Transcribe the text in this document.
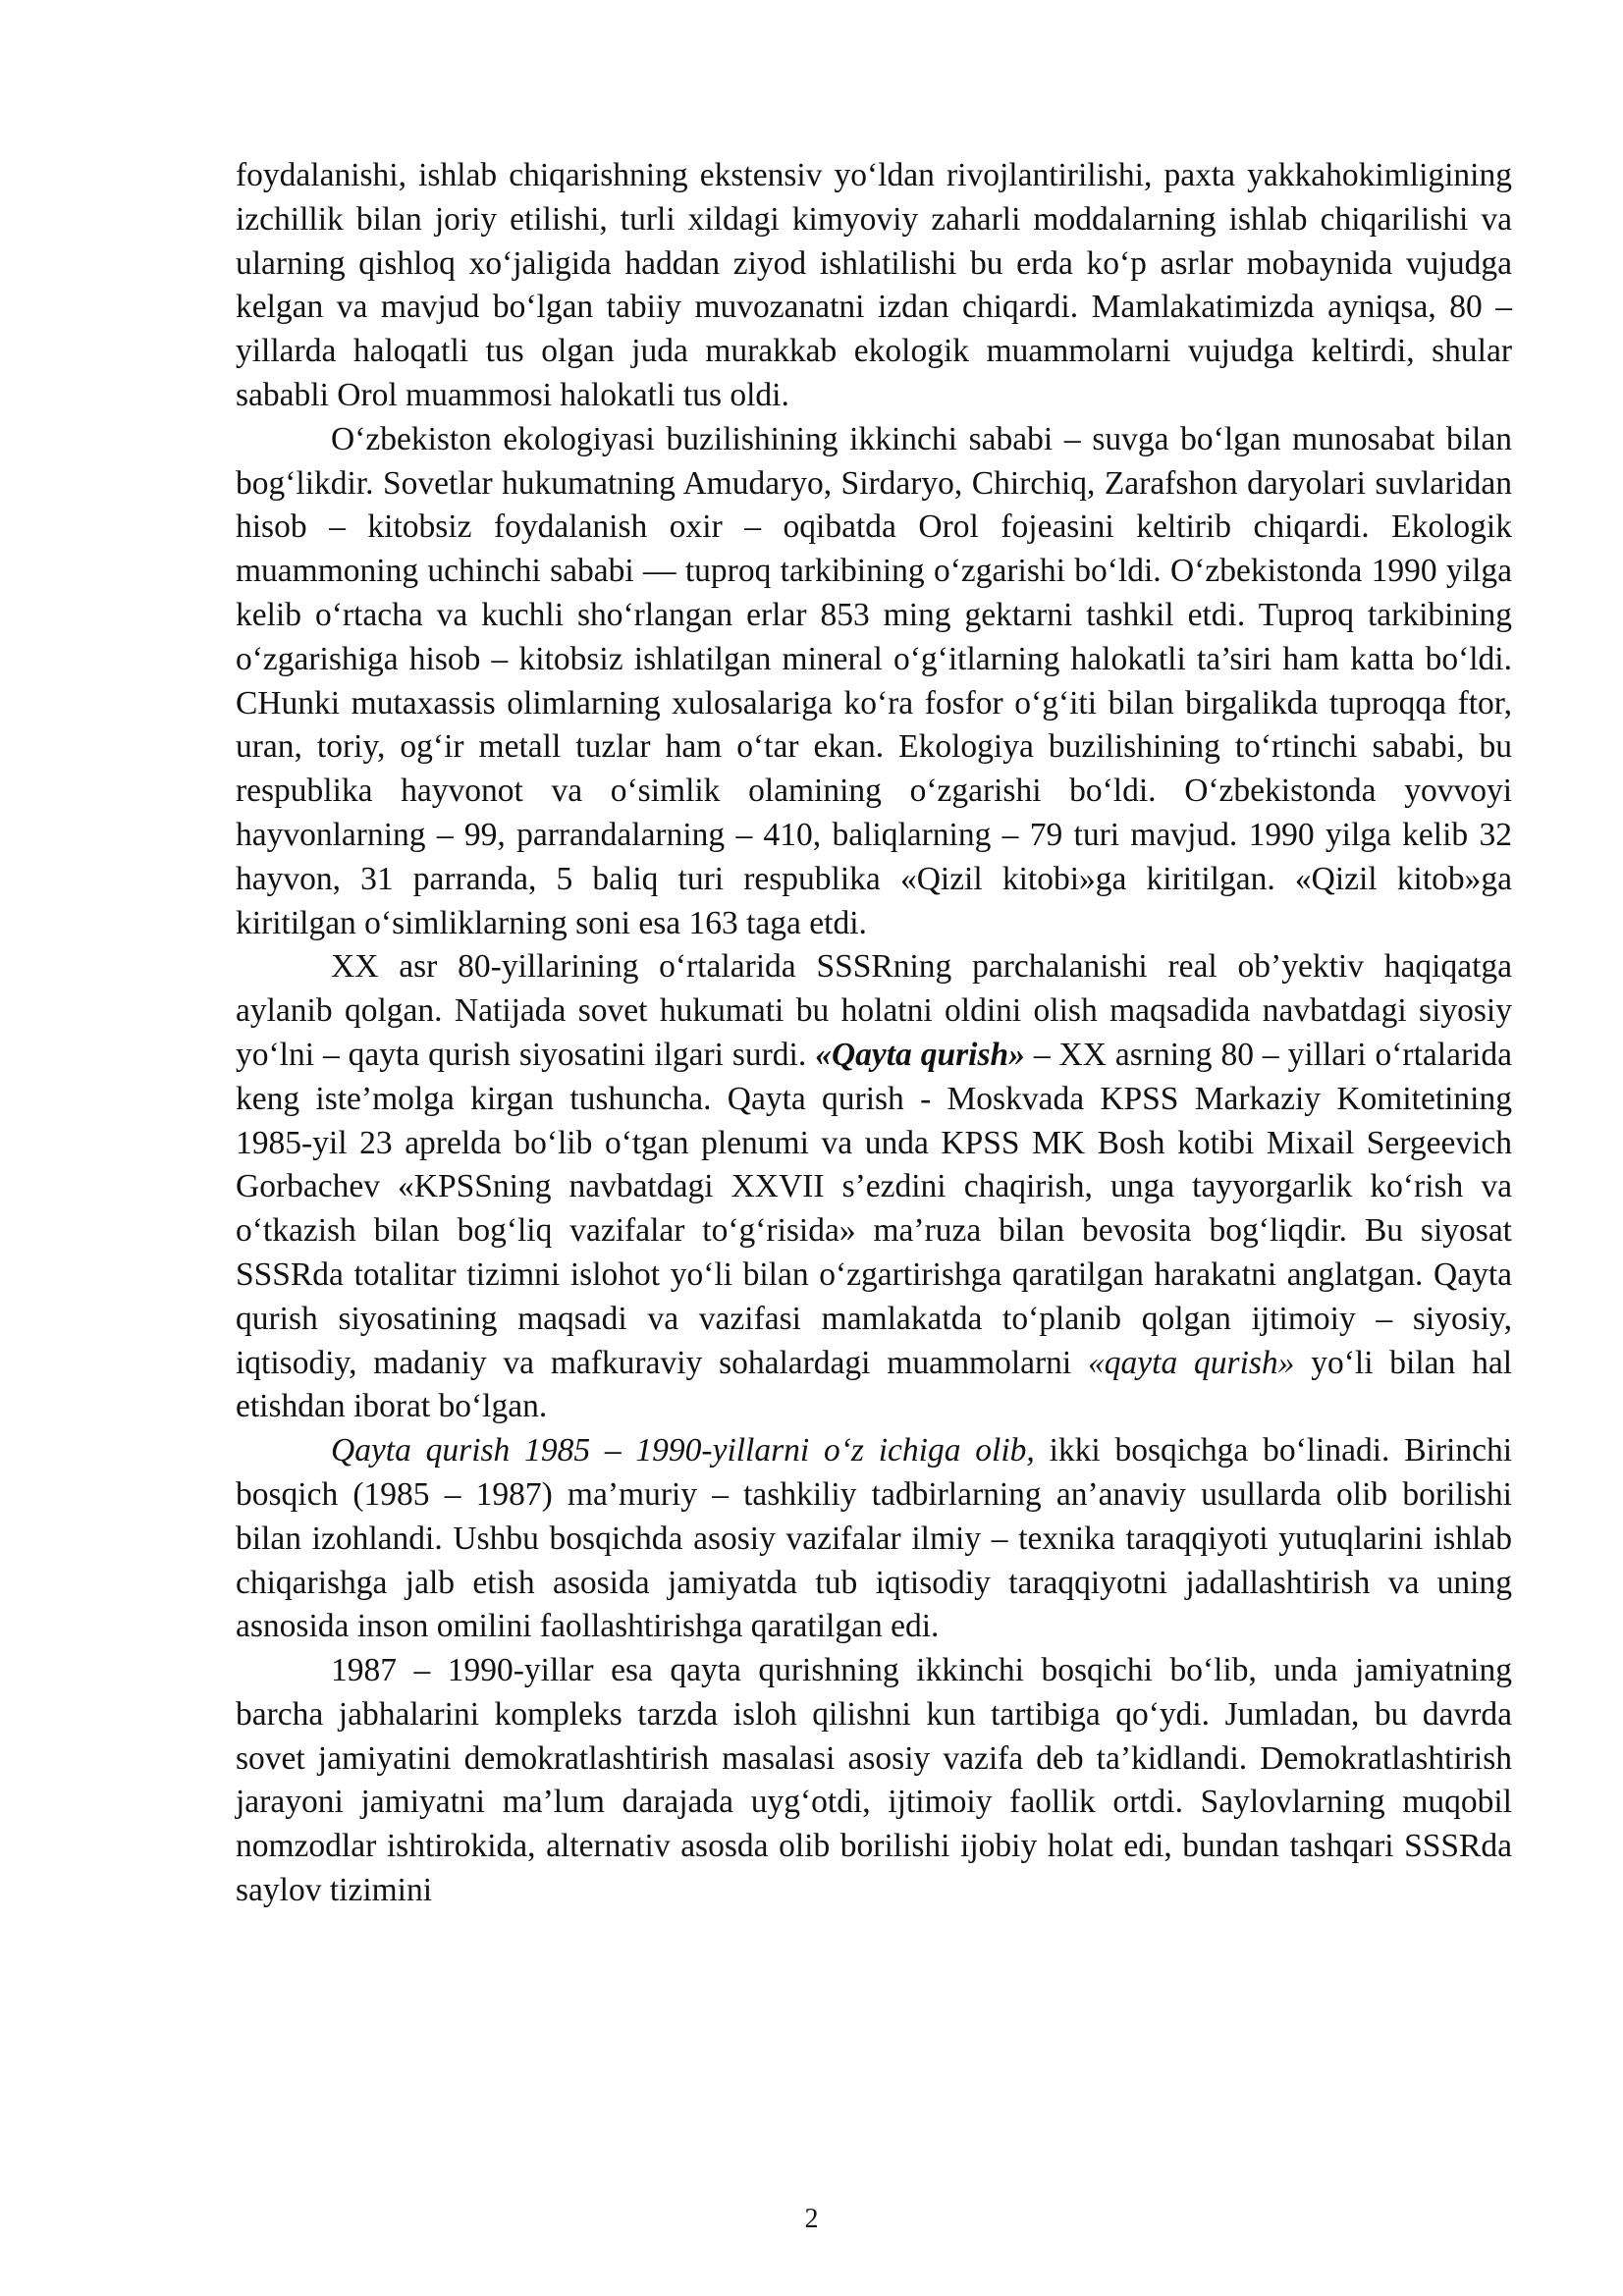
foydalanishi, ishlab chiqarishning ekstensiv yo‘ldan rivojlantirilishi, paxta yakkahokimligining izchillik bilan joriy etilishi, turli xildagi kimyoviy zaharli moddalarning ishlab chiqarilishi va ularning qishloq xo‘jaligida haddan ziyod ishlatilishi bu erda ko‘p asrlar mobaynida vujudga kelgan va mavjud bo‘lgan tabiiy muvozanatni izdan chiqardi. Mamlakatimizda ayniqsa, 80 – yillarda haloqatli tus olgan juda murakkab ekologik muammolarni vujudga keltirdi, shular sababli Orol muammosi halokatli tus oldi.

O‘zbekiston ekologiyasi buzilishining ikkinchi sababi – suvga bo‘lgan munosabat bilan bog‘likdir. Sovetlar hukumatning Amudaryo, Sirdaryo, Chirchiq, Zarafshon daryolari suvlaridan hisob – kitobsiz foydalanish oxir – oqibatda Orol fojeasini keltirib chiqardi. Ekologik muammoning uchinchi sababi — tuproq tarkibining o‘zgarishi bo‘ldi. O‘zbekistonda 1990 yilga kelib o‘rtacha va kuchli sho‘rlangan erlar 853 ming gektarni tashkil etdi. Tuproq tarkibining o‘zgarishiga hisob – kitobsiz ishlatilgan mineral o‘g‘itlarning halokatli ta’siri ham katta bo‘ldi. CHunki mutaxassis olimlarning xulosalariga ko‘ra fosfor o‘g‘iti bilan birgalikda tuproqqa ftor, uran, toriy, og‘ir metall tuzlar ham o‘tar ekan. Ekologiya buzilishining to‘rtinchi sababi, bu respublika hayvonot va o‘simlik olamining o‘zgarishi bo‘ldi. O‘zbekistonda yovvoyi hayvonlarning – 99, parrandalarning – 410, baliqlarning – 79 turi mavjud. 1990 yilga kelib 32 hayvon, 31 parranda, 5 baliq turi respublika «Qizil kitobi»ga kiritilgan. «Qizil kitob»ga kiritilgan o‘simliklarning soni esa 163 taga etdi.

XX asr 80-yillarining o‘rtalarida SSSRning parchalanishi real ob’yektiv haqiqatga aylanib qolgan. Natijada sovet hukumati bu holatni oldini olish maqsadida navbatdagi siyosiy yo‘lni – qayta qurish siyosatini ilgari surdi. «Qayta qurish» – XX asrning 80 – yillari o‘rtalarida keng iste’molga kirgan tushuncha. Qayta qurish - Moskvada KPSS Markaziy Komitetining 1985-yil 23 aprelda bo‘lib o‘tgan plenumi va unda KPSS MK Bosh kotibi Mixail Sergeevich Gorbachev «KPSSning navbatdagi XXVII s’ezdini chaqirish, unga tayyorgarlik ko‘rish va o‘tkazish bilan bog‘liq vazifalar to‘g‘risida» ma’ruza bilan bevosita bog‘liqdir. Bu siyosat SSSRda totalitar tizimni islohot yo‘li bilan o‘zgartirishga qaratilgan harakatni anglatgan. Qayta qurish siyosatining maqsadi va vazifasi mamlakatda to‘planib qolgan ijtimoiy – siyosiy, iqtisodiy, madaniy va mafkuraviy sohalardagi muammolarni «qayta qurish» yo‘li bilan hal etishdan iborat bo‘lgan.

Qayta qurish 1985 – 1990-yillarni o‘z ichiga olib, ikki bosqichga bo‘linadi. Birinchi bosqich (1985 – 1987) ma’muriy – tashkiliy tadbirlarning an’anaviy usullarda olib borilishi bilan izohlandi. Ushbu bosqichda asosiy vazifalar ilmiy – texnika taraqqiyoti yutuqlarini ishlab chiqarishga jalb etish asosida jamiyatda tub iqtisodiy taraqqiyotni jadallashtirish va uning asnosida inson omilini faollashtirishga qaratilgan edi.

1987 – 1990-yillar esa qayta qurishning ikkinchi bosqichi bo‘lib, unda jamiyatning barcha jabhalarini kompleks tarzda isloh qilishni kun tartibiga qo‘ydi. Jumladan, bu davrda sovet jamiyatini demokratlashtirish masalasi asosiy vazifa deb ta’kidlandi. Demokratlashtirish jarayoni jamiyatni ma’lum darajada uyg‘otdi, ijtimoiy faollik ortdi. Saylovlarning muqobil nomzodlar ishtirokida, alternativ asosda olib borilishi ijobiy holat edi, bundan tashqari SSSRda saylov tizimini

2
